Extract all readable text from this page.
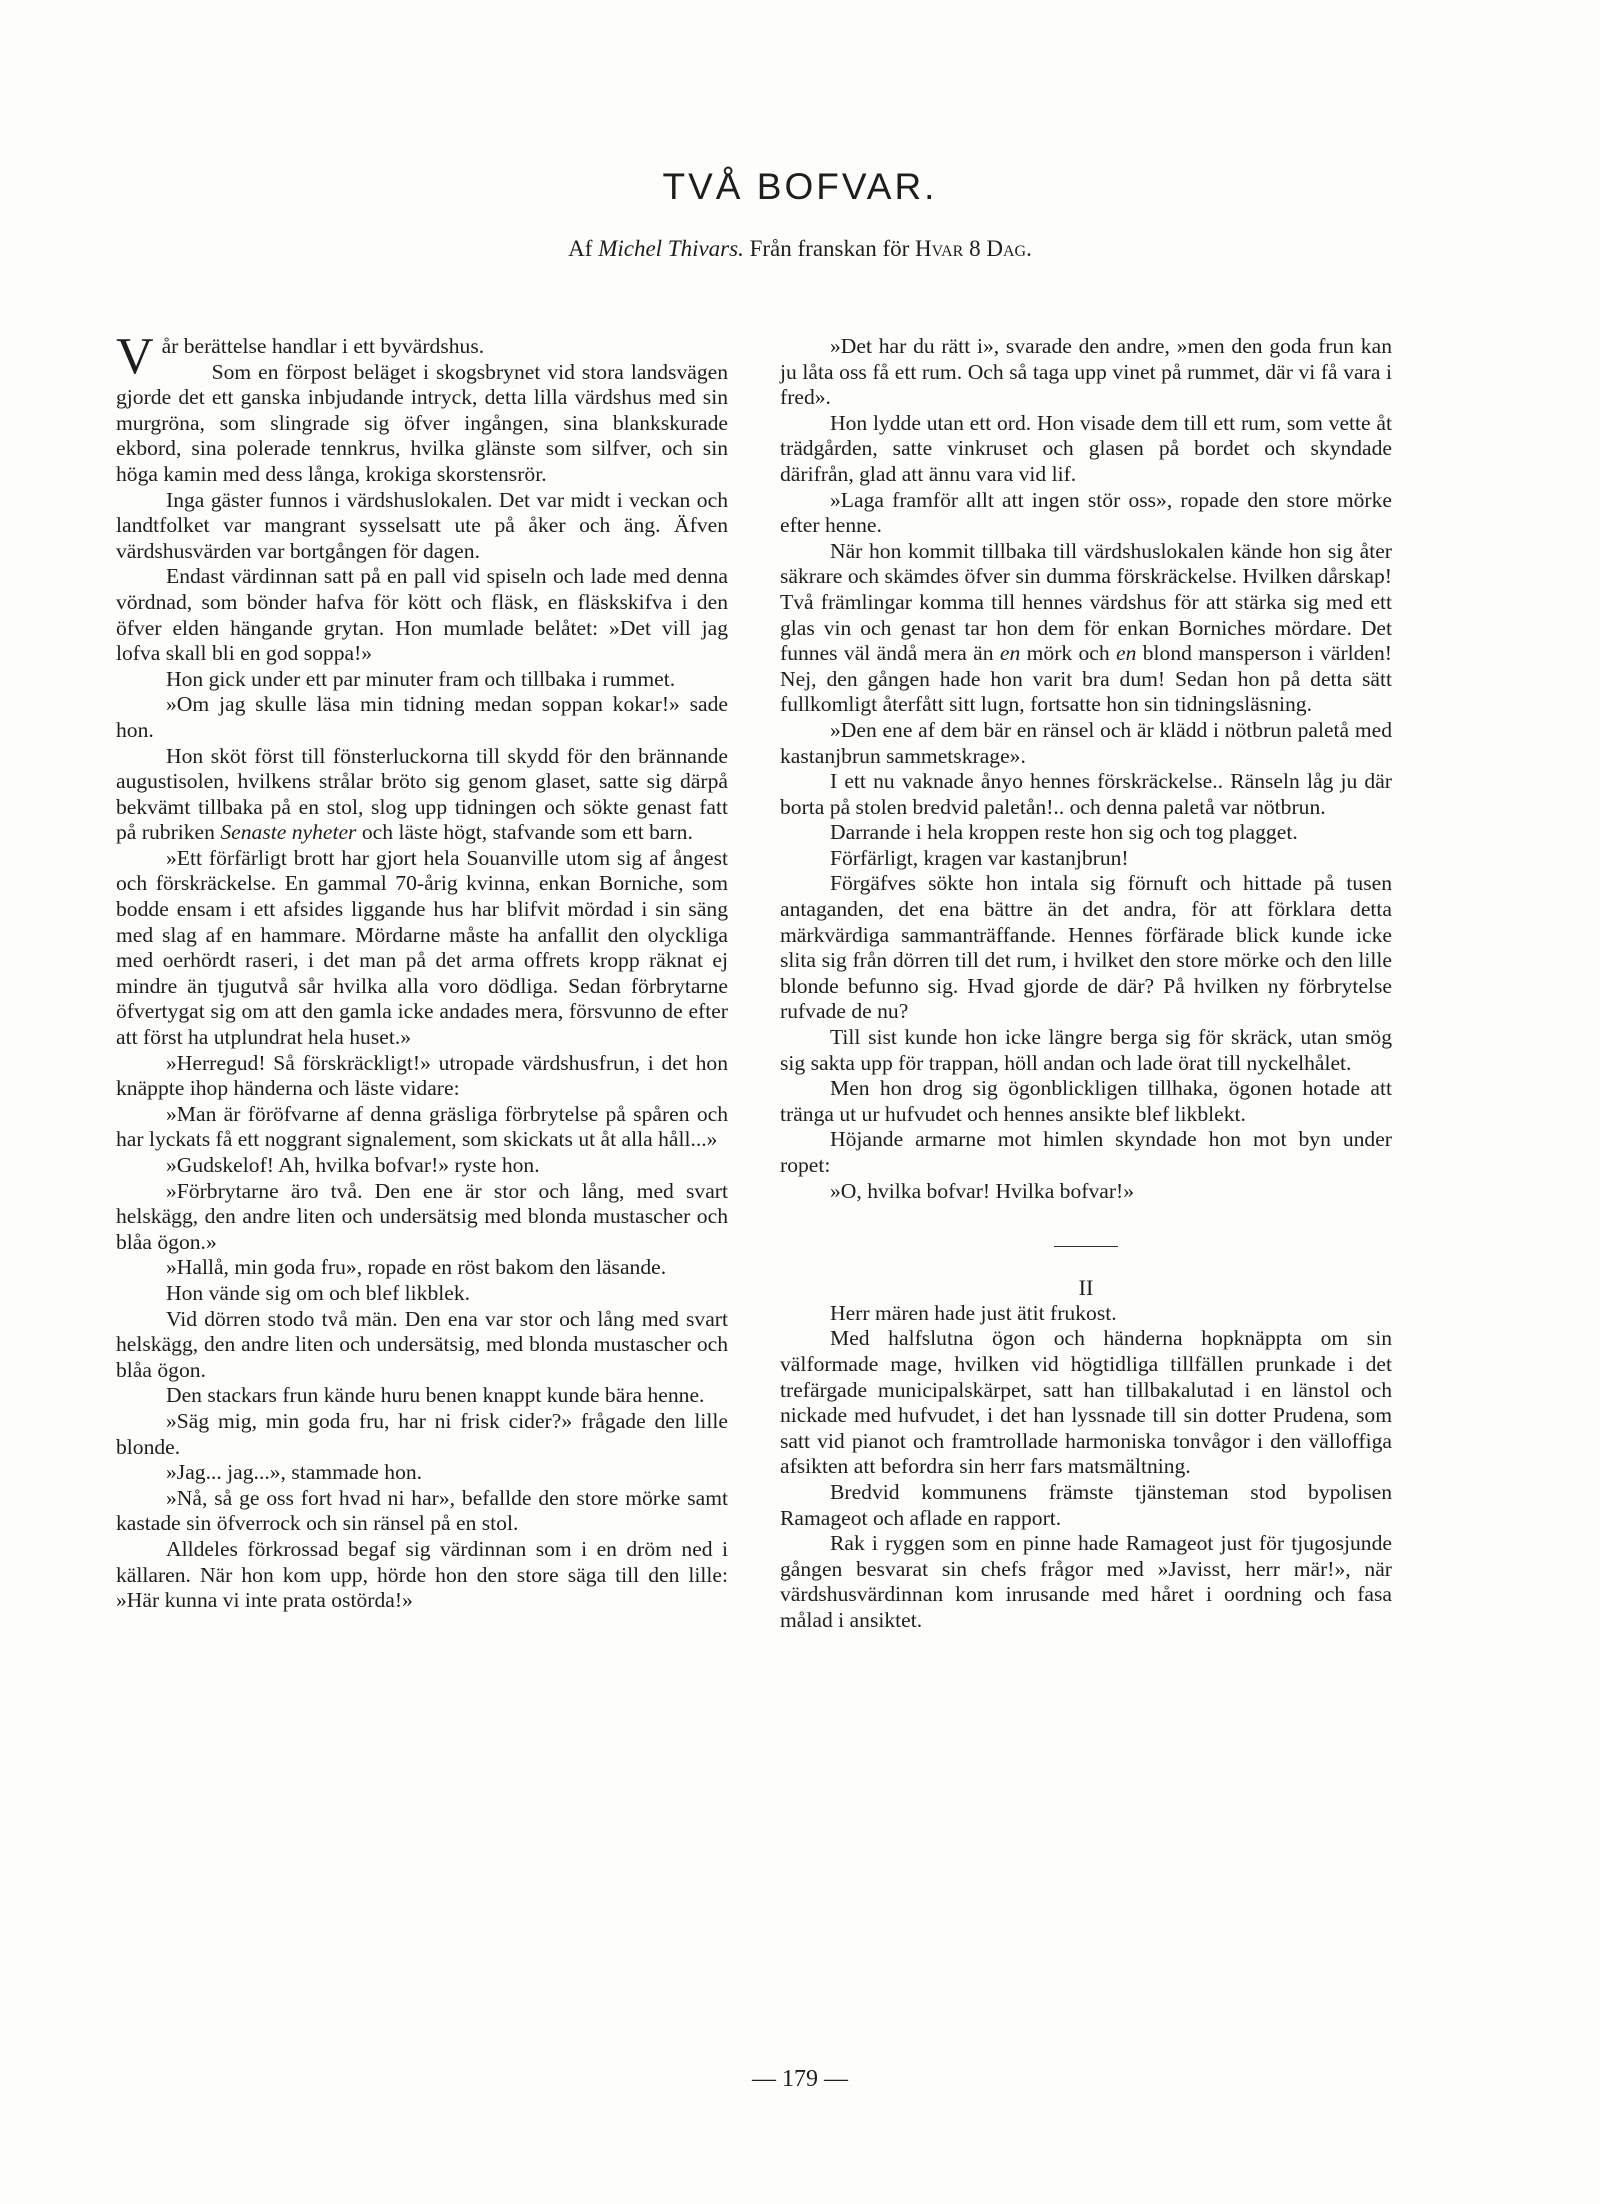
TVÅ BOFVAR.

Af Michel Thivars. Från franskan för Hvar 8 Dag.

Vår berättelse handlar i ett byvärdshus.

Som en förpost beläget i skogsbrynet vid stora landsvägen gjorde det ett ganska inbjudande intryck, detta lilla värdshus med sin murgröna, som slingrade sig öfver ingången, sina blankskurade ekbord, sina polerade tennkrus, hvilka glänste som silfver, och sin höga kamin med dess långa, krokiga skorstensrör.

Inga gäster funnos i värdshuslokalen. Det var midt i veckan och landtfolket var mangrant sysselsatt ute på åker och äng. Äfven värdshusvärden var bortgången för dagen.

Endast värdinnan satt på en pall vid spiseln och lade med denna vördnad, som bönder hafva för kött och fläsk, en fläskskifva i den öfver elden hängande grytan. Hon mumlade belåtet: »Det vill jag lofva skall bli en god soppa!»

Hon gick under ett par minuter fram och tillbaka i rummet.

»Om jag skulle läsa min tidning medan soppan kokar!» sade hon.

Hon sköt först till fönsterluckorna till skydd för den brännande augustisolen, hvilkens strålar bröto sig genom glaset, satte sig därpå bekvämt tillbaka på en stol, slog upp tidningen och sökte genast fatt på rubriken Senaste nyheter och läste högt, stafvande som ett barn.

»Ett förfärligt brott har gjort hela Souanville utom sig af ångest och förskräckelse. En gammal 70-årig kvinna, enkan Borniche, som bodde ensam i ett afsides liggande hus har blifvit mördad i sin säng med slag af en hammare. Mördarne måste ha anfallit den olyckliga med oerhördt raseri, i det man på det arma offrets kropp räknat ej mindre än tjugutvå sår hvilka alla voro dödliga. Sedan förbrytarne öfvertygat sig om att den gamla icke andades mera, försvunno de efter att först ha utplundrat hela huset.»

»Herregud! Så förskräckligt!» utropade värdshusfrun, i det hon knäppte ihop händerna och läste vidare:

»Man är föröfvarne af denna gräsliga förbrytelse på spåren och har lyckats få ett noggrant signalement, som skickats ut åt alla håll...»

»Gudskelof! Ah, hvilka bofvar!» ryste hon.

»Förbrytarne äro två. Den ene är stor och lång, med svart helskägg, den andre liten och undersätsig med blonda mustascher och blåa ögon.»

»Hallå, min goda fru», ropade en röst bakom den läsande.

Hon vände sig om och blef likblek.

Vid dörren stodo två män. Den ena var stor och lång med svart helskägg, den andre liten och undersätsig, med blonda mustascher och blåa ögon.

Den stackars frun kände huru benen knappt kunde bära henne.

»Säg mig, min goda fru, har ni frisk cider?» frågade den lille blonde.

»Jag... jag...», stammade hon.

»Nå, så ge oss fort hvad ni har», befallde den store mörke samt kastade sin öfverrock och sin ränsel på en stol.

Alldeles förkrossad begaf sig värdinnan som i en dröm ned i källaren. När hon kom upp, hörde hon den store säga till den lille: »Här kunna vi inte prata ostörda!»

»Det har du rätt i», svarade den andre, »men den goda frun kan ju låta oss få ett rum. Och så taga upp vinet på rummet, där vi få vara i fred».

Hon lydde utan ett ord. Hon visade dem till ett rum, som vette åt trädgården, satte vinkruset och glasen på bordet och skyndade därifrån, glad att ännu vara vid lif.

»Laga framför allt att ingen stör oss», ropade den store mörke efter henne.

När hon kommit tillbaka till värdshuslokalen kände hon sig åter säkrare och skämdes öfver sin dumma förskräckelse. Hvilken dårskap! Två främlingar komma till hennes värdshus för att stärka sig med ett glas vin och genast tar hon dem för enkan Borniches mördare. Det funnes väl ändå mera än en mörk och en blond mansperson i världen! Nej, den gången hade hon varit bra dum! Sedan hon på detta sätt fullkomligt återfått sitt lugn, fortsatte hon sin tidningsläsning.

»Den ene af dem bär en ränsel och är klädd i nötbrun paletå med kastanjbrun sammetskrage».

I ett nu vaknade ånyo hennes förskräckelse.. Ränseln låg ju där borta på stolen bredvid paletån!.. och denna paletå var nötbrun.

Darrande i hela kroppen reste hon sig och tog plagget.

Förfärligt, kragen var kastanjbrun!

Förgäfves sökte hon intala sig förnuft och hittade på tusen antaganden, det ena bättre än det andra, för att förklara detta märkvärdiga sammanträffande. Hennes förfärade blick kunde icke slita sig från dörren till det rum, i hvilket den store mörke och den lille blonde befunno sig. Hvad gjorde de där? På hvilken ny förbrytelse rufvade de nu?

Till sist kunde hon icke längre berga sig för skräck, utan smög sig sakta upp för trappan, höll andan och lade örat till nyckelhålet.

Men hon drog sig ögonblickligen tillhaka, ögonen hotade att tränga ut ur hufvudet och hennes ansikte blef likblekt.

Höjande armarne mot himlen skyndade hon mot byn under ropet:

»O, hvilka bofvar! Hvilka bofvar!»

II

Herr mären hade just ätit frukost.

Med halfslutna ögon och händerna hopknäppta om sin välformade mage, hvilken vid högtidliga tillfällen prunkade i det trefärgade municipalskärpet, satt han tillbakalutad i en länstol och nickade med hufvudet, i det han lyssnade till sin dotter Prudena, som satt vid pianot och framtrollade harmoniska tonvågor i den välloffiga afsikten att befordra sin herr fars matsmältning.

Bredvid kommunens främste tjänsteman stod bypolisen Ramageot och aflade en rapport.

Rak i ryggen som en pinne hade Ramageot just för tjugosjunde gången besvarat sin chefs frågor med »Javisst, herr mär!», när värdshusvärdinnan kom inrusande med håret i oordning och fasa målad i ansiktet.

— 179 —
